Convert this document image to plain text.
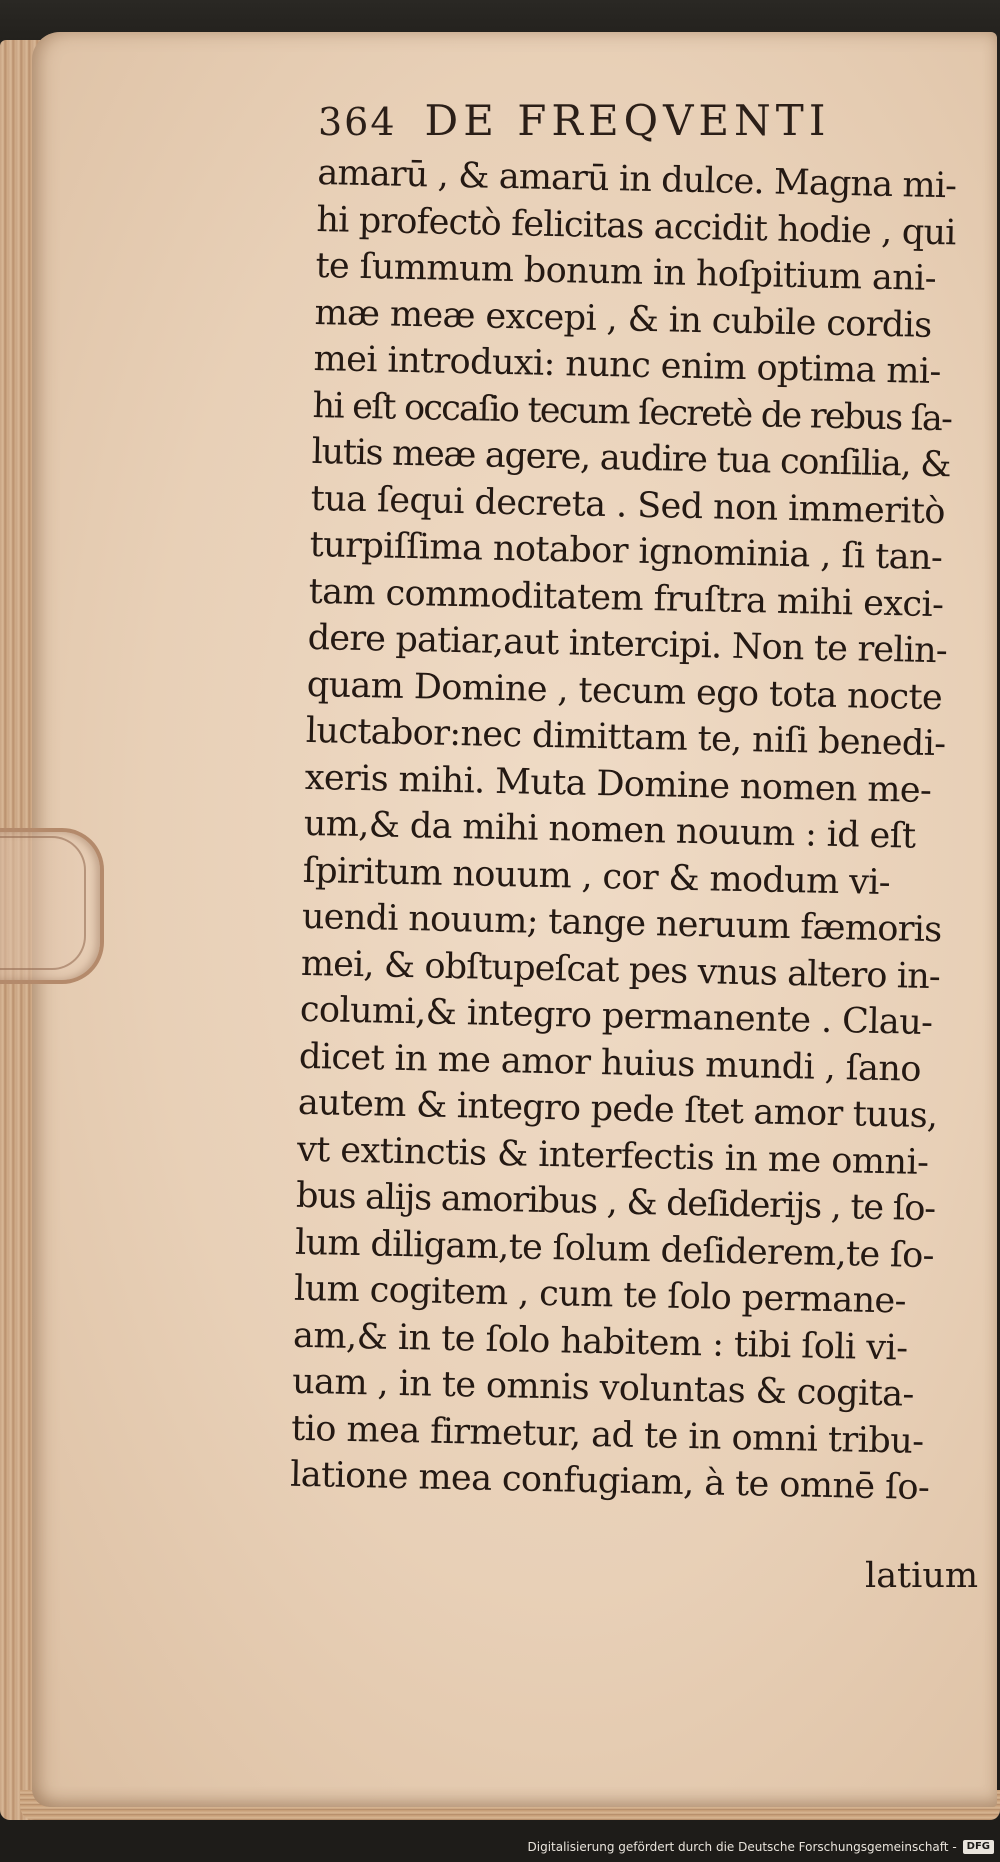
364 DE FREQVENTI
amarū , & amarū in dulce. Magna mi-
hi profectò felicitas accidit hodie , qui
te ſummum bonum in hoſpitium ani-
mæ meæ excepi , & in cubile cordis
mei introduxi: nunc enim optima mi-
hi eſt occaſio tecum ſecretè de rebus ſa-
lutis meæ agere, audire tua conſilia, &
tua ſequi decreta . Sed non immeritò
turpiſſima notabor ignominia , ſi tan-
tam commoditatem fruſtra mihi exci-
dere patiar,aut intercipi. Non te relin-
quam Domine , tecum ego tota nocte
luctabor:nec dimittam te, niſi benedi-
xeris mihi. Muta Domine nomen me-
um,& da mihi nomen nouum : id eſt
ſpiritum nouum , cor & modum vi-
uendi nouum; tange neruum fæmoris
mei, & obſtupeſcat pes vnus altero in-
columi,& integro permanente . Clau-
dicet in me amor huius mundi , ſano
autem & integro pede ſtet amor tuus,
vt extinctis & interfectis in me omni-
bus alijs amoribus , & deſiderijs , te ſo-
lum diligam,te ſolum deſiderem,te ſo-
lum cogitem , cum te ſolo permane-
am,& in te ſolo habitem : tibi ſoli vi-
uam , in te omnis voluntas & cogita-
tio mea firmetur, ad te in omni tribu-
latione mea confugiam, à te omnē ſo-
latium
Digitalisierung gefördert durch die Deutsche Forschungsgemeinschaft -	DFG
